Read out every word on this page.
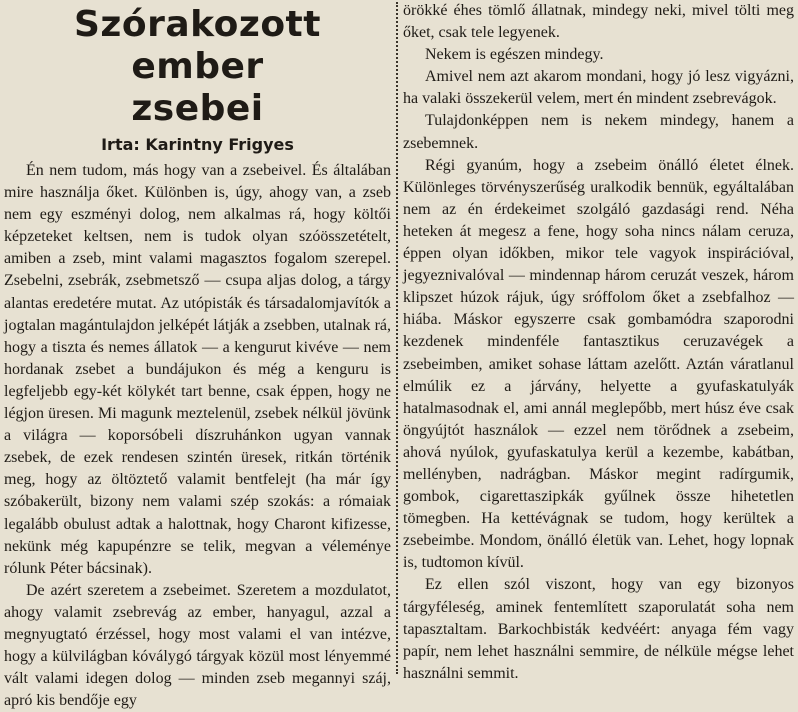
Szórakozott ember
zsebei
Irta: Karintny Frigyes

Én nem tudom, más hogy van a zsebeivel. És általában mire használja őket. Különben is, úgy, ahogy van, a zseb nem egy eszményi dolog, nem alkalmas rá, hogy költői képzeteket keltsen, nem is tudok olyan szóösszetételt, amiben a zseb, mint valami magasztos fogalom szerepel. Zsebelni, zsebrák, zsebmetsző — csupa aljas dolog, a tárgy alantas eredetére mutat. Az utópisták és társadalomjavítók a jogtalan magántulajdon jelképét látják a zsebben, utalnak rá, hogy a tiszta és nemes állatok — a kengurut kivéve — nem hordanak zsebet a bundájukon és még a kenguru is legfeljebb egy-két kölykét tart benne, csak éppen, hogy ne légjon üresen. Mi magunk meztelenül, zsebek nélkül jövünk a világra — koporsóbeli díszruhánkon ugyan vannak zsebek, de ezek rendesen szintén üresek, ritkán történik meg, hogy az öltöztető valamit bentfelejt (ha már így szóbakerült, bizony nem valami szép szokás: a rómaiak legalább obulust adtak a halottnak, hogy Charont kifizesse, nekünk még kapupénzre se telik, megvan a véleménye rólunk Péter bácsinak).

De azért szeretem a zsebeimet. Szeretem a mozdulatot, ahogy valamit zsebrevág az ember, hanyagul, azzal a megnyugtató érzéssel, hogy most valami el van intézve, hogy a külvilágban kóválygó tárgyak közül most lényemmé vált valami idegen dolog — minden zseb megannyi száj, apró kis bendője egy

örökké éhes tömlő állatnak, mindegy neki, mivel tölti meg őket, csak tele legyenek.

Nekem is egészen mindegy.

Amivel nem azt akarom mondani, hogy jó lesz vigyázni, ha valaki összekerül velem, mert én mindent zsebrevágok.

Tulajdonképpen nem is nekem mindegy, hanem a zsebemnek.

Régi gyanúm, hogy a zsebeim önálló életet élnek. Különleges törvényszerűség uralkodik bennük, egyáltalában nem az én érdekeimet szolgáló gazdasági rend. Néha heteken át megesz a fene, hogy soha nincs nálam ceruza, éppen olyan időkben, mikor tele vagyok inspirációval, jegyeznivalóval — mindennap három ceruzát veszek, három klipszet húzok rájuk, úgy sróffolom őket a zsebfalhoz — hiába. Máskor egyszerre csak gombamódra szaporodni kezdenek mindenféle fantasztikus ceruzavégek a zsebeimben, amiket sohase láttam azelőtt. Aztán váratlanul elmúlik ez a járvány, helyette a gyufaskatulyák hatalmasodnak el, ami annál meglepőbb, mert húsz éve csak öngyújtót használok — ezzel nem törődnek a zsebeim, ahová nyúlok, gyufaskatulya kerül a kezembe, kabátban, mellényben, nadrágban. Máskor megint radírgumik, gombok, cigarettaszipkák gyűlnek össze hihetetlen tömegben. Ha kettévágnak se tudom, hogy kerültek a zsebeimbe. Mondom, önálló életük van. Lehet, hogy lopnak is, tudtomon kívül.

Ez ellen szól viszont, hogy van egy bizonyos tárgyféleség, aminek fentemlített szaporulatát soha nem tapasztaltam. Barkochbisták kedvéért: anyaga fém vagy papír, nem lehet használni semmire, de nélküle mégse lehet használni semmit.
